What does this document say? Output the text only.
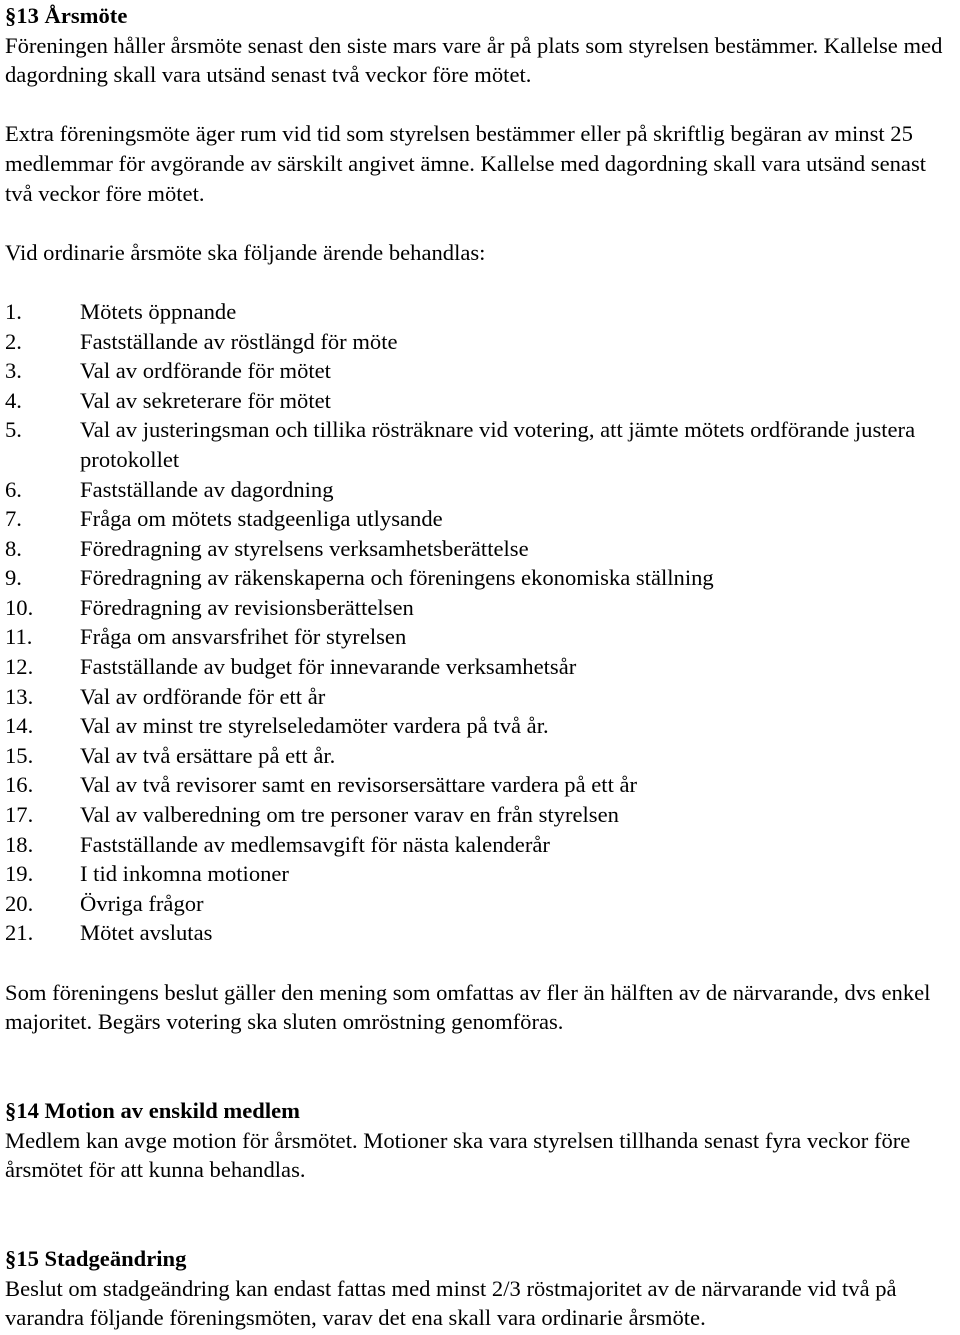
§13 Årsmöte

Föreningen håller årsmöte senast den siste mars vare år på plats som styrelsen bestämmer. Kallelse med dagordning skall vara utsänd senast två veckor före mötet.

Extra föreningsmöte äger rum vid tid som styrelsen bestämmer eller på skriftlig begäran av minst 25 medlemmar för avgörande av särskilt angivet ämne. Kallelse med dagordning skall vara utsänd senast två veckor före mötet.

Vid ordinarie årsmöte ska följande ärende behandlas:

1.	Mötets öppnande
2.	Fastställande av röstlängd för möte
3.	Val av ordförande för mötet
4.	Val av sekreterare för mötet
5.	Val av justeringsman och tillika rösträknare vid votering, att jämte mötets ordförande justera protokollet
6.	Fastställande av dagordning
7.	Fråga om mötets stadgeenliga utlysande
8.	Föredragning av styrelsens verksamhetsberättelse
9.	Föredragning av räkenskaperna och föreningens ekonomiska ställning
10. Föredragning av revisionsberättelsen
11. Fråga om ansvarsfrihet för styrelsen
12. Fastställande av budget för innevarande verksamhetsår
13. Val av ordförande för ett år
14. Val av minst tre styrelseledamöter vardera på två år.
15. Val av två ersättare på ett år.
16. Val av två revisorer samt en revisorsersättare vardera på ett år
17. Val av valberedning om tre personer varav en från styrelsen
18. Fastställande av medlemsavgift för nästa kalenderår
19. I tid inkomna motioner
20. Övriga frågor
21. Mötet avslutas

Som föreningens beslut gäller den mening som omfattas av fler än hälften av de närvarande, dvs enkel majoritet. Begärs votering ska sluten omröstning genomföras.

§14 Motion av enskild medlem

Medlem kan avge motion för årsmötet. Motioner ska vara styrelsen tillhanda senast fyra veckor före årsmötet för att kunna behandlas.

§15 Stadgeändring

Beslut om stadgeändring kan endast fattas med minst 2/3 röstmajoritet av de närvarande vid två på varandra följande föreningsmöten, varav det ena skall vara ordinarie årsmöte.
